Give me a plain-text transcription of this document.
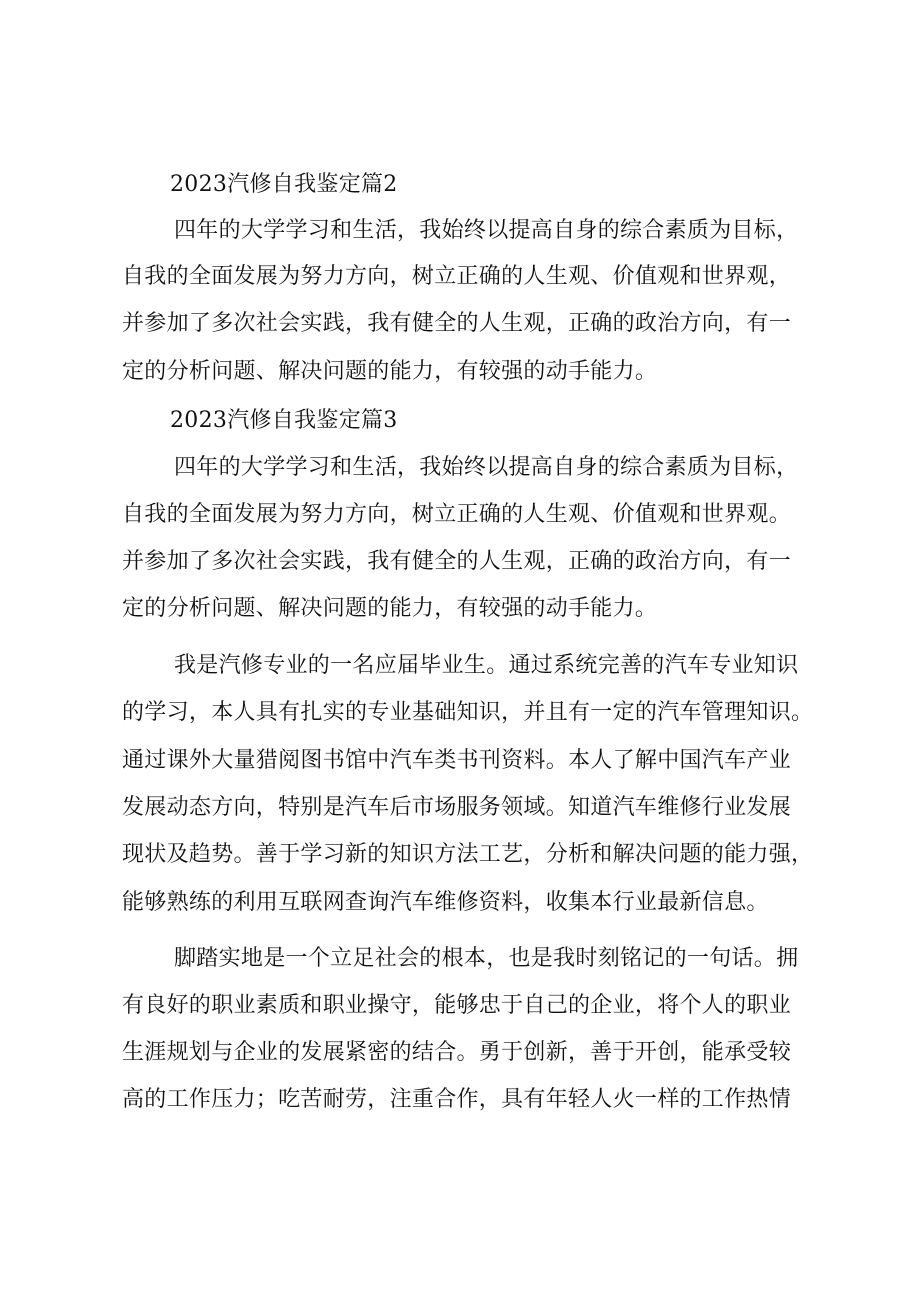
2023汽修自我鉴定篇2
四年的大学学习和生活，我始终以提高自身的综合素质为目标，
自我的全面发展为努力方向，树立正确的人生观、价值观和世界观，
并参加了多次社会实践，我有健全的人生观，正确的政治方向，有一
定的分析问题、解决问题的能力，有较强的动手能力。
2023汽修自我鉴定篇3
四年的大学学习和生活，我始终以提高自身的综合素质为目标，
自我的全面发展为努力方向，树立正确的人生观、价值观和世界观。
并参加了多次社会实践，我有健全的人生观，正确的政治方向，有一
定的分析问题、解决问题的能力，有较强的动手能力。
我是汽修专业的一名应届毕业生。通过系统完善的汽车专业知识
的学习，本人具有扎实的专业基础知识，并且有一定的汽车管理知识。
通过课外大量猎阅图书馆中汽车类书刊资料。本人了解中国汽车产业
发展动态方向，特别是汽车后市场服务领域。知道汽车维修行业发展
现状及趋势。善于学习新的知识方法工艺，分析和解决问题的能力强，
能够熟练的利用互联网查询汽车维修资料，收集本行业最新信息。
脚踏实地是一个立足社会的根本，也是我时刻铭记的一句话。拥
有良好的职业素质和职业操守，能够忠于自己的企业，将个人的职业
生涯规划与企业的发展紧密的结合。勇于创新，善于开创，能承受较
高的工作压力；吃苦耐劳，注重合作，具有年轻人火一样的工作热情
